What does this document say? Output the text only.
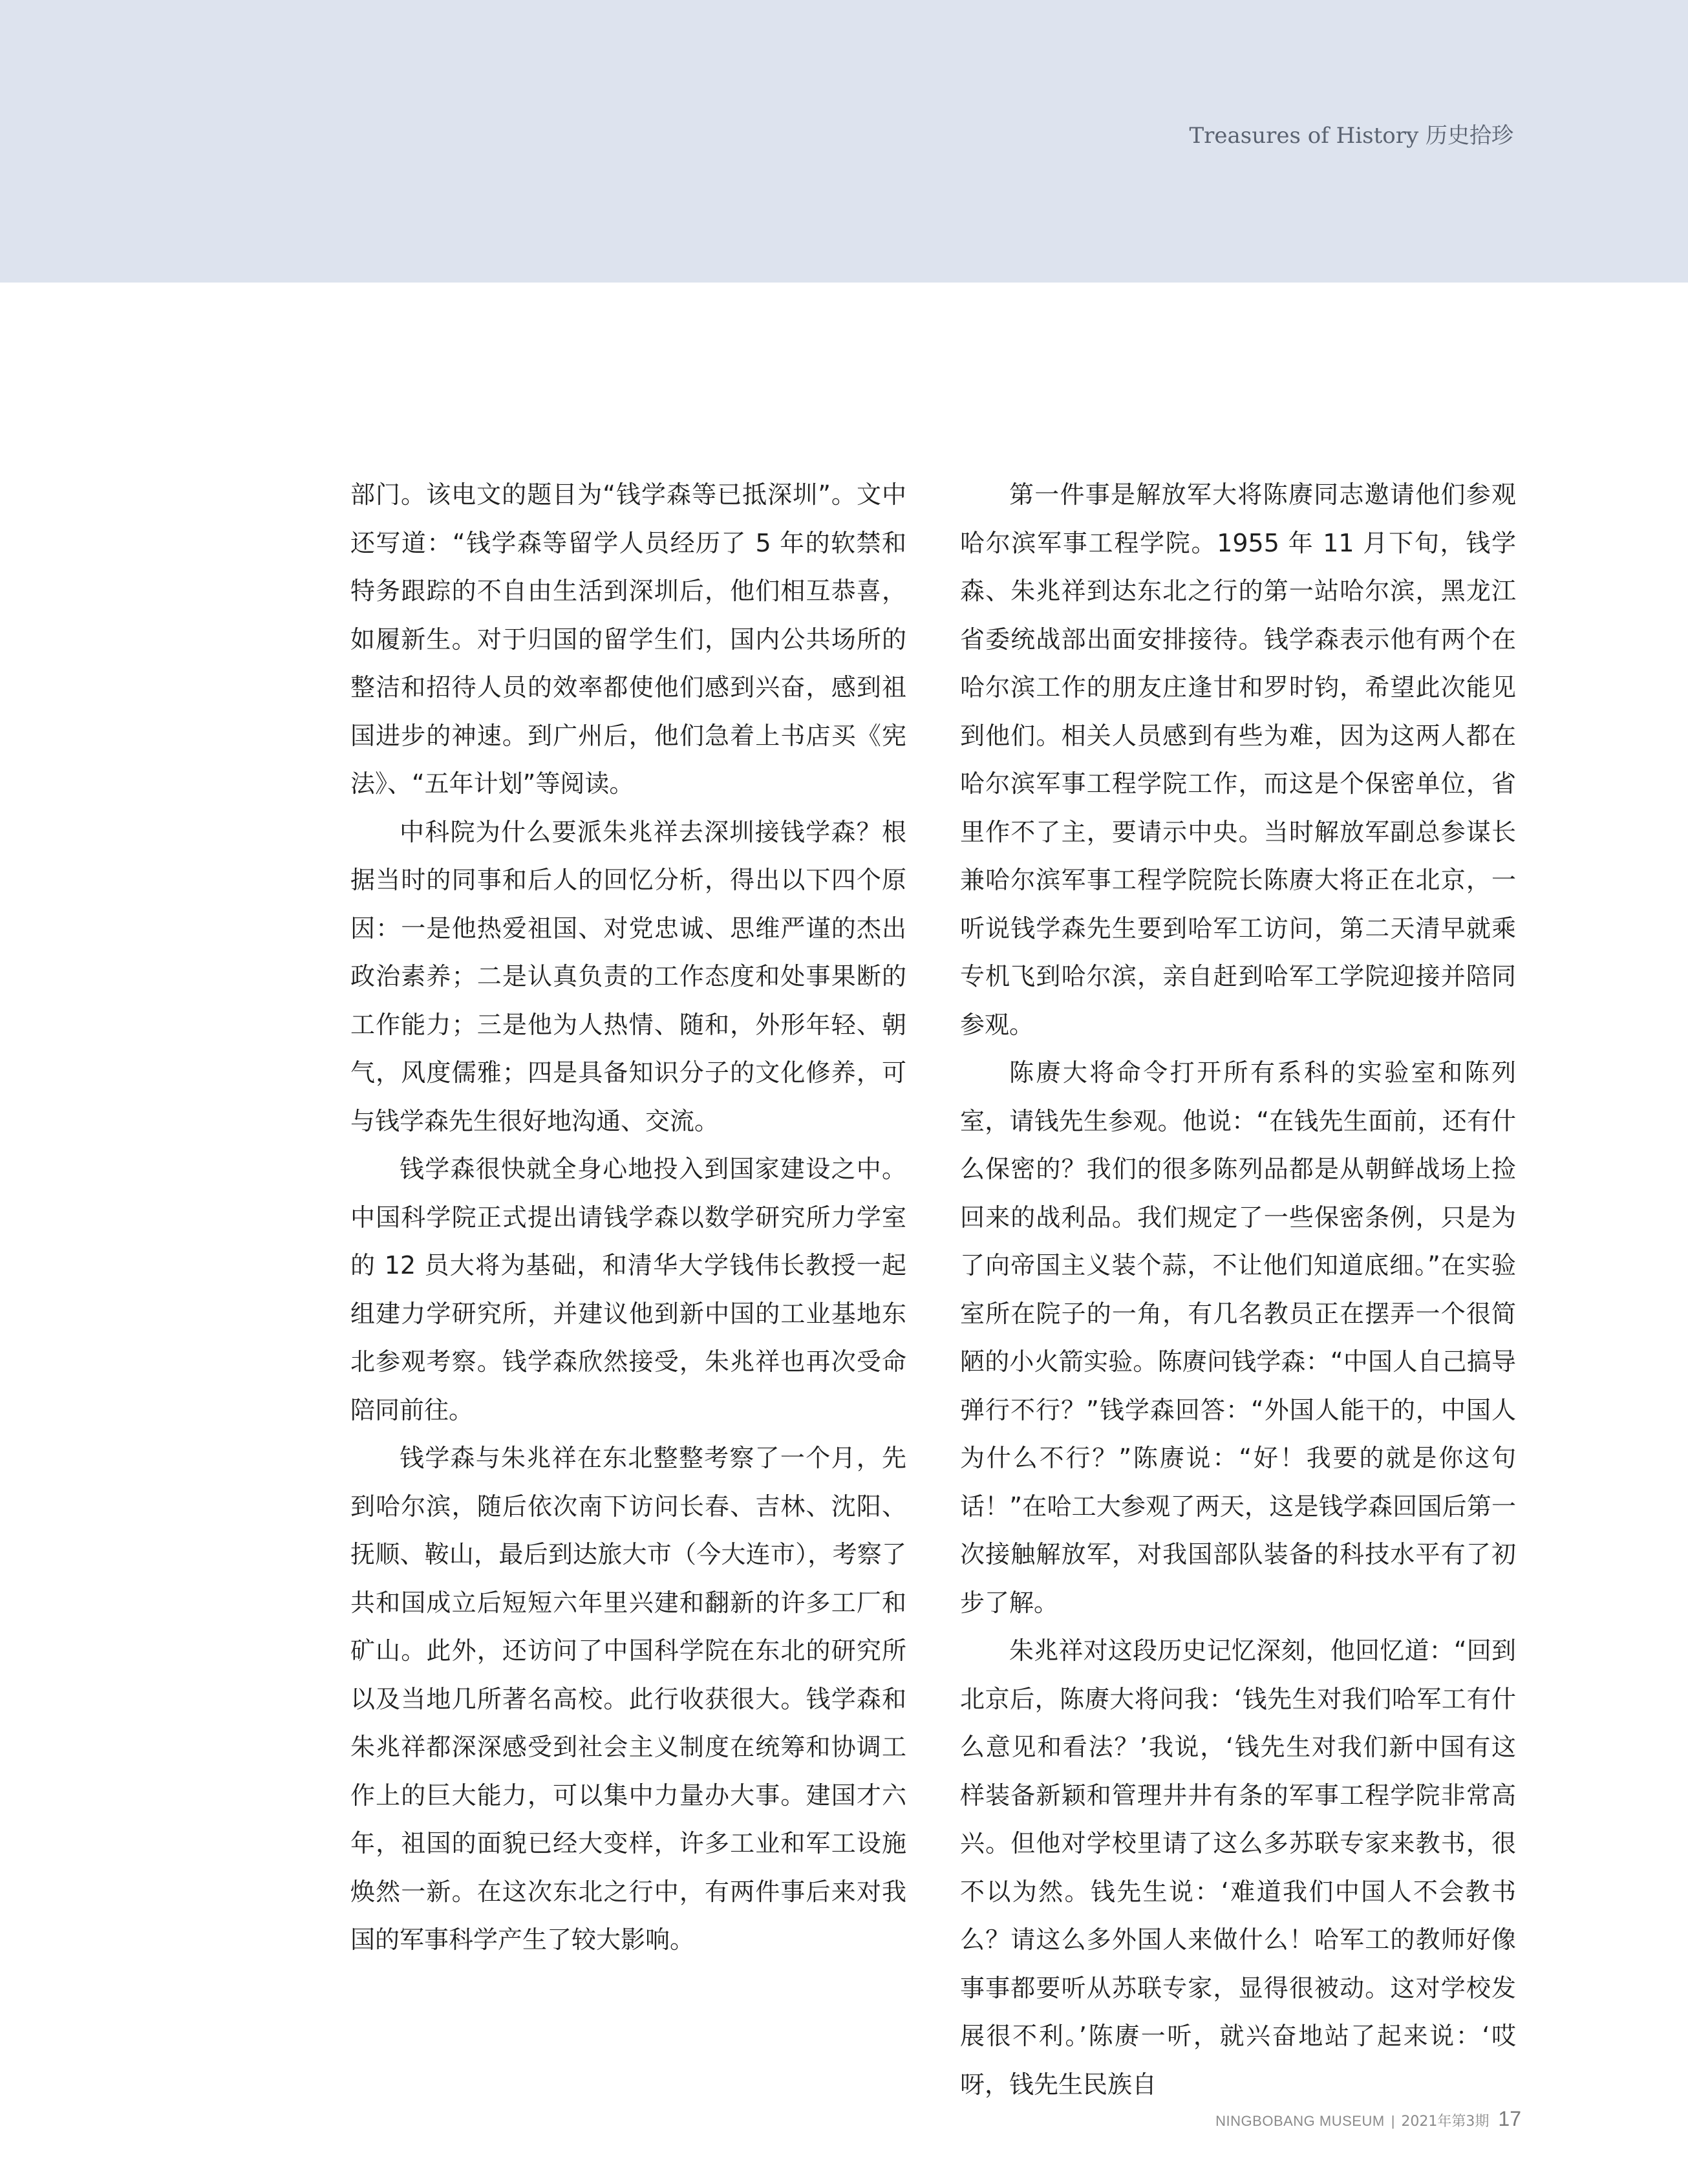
Treasures of History 历史拾珍

部门。该电文的题目为“钱学森等已抵深圳”。文中还写道：“钱学森等留学人员经历了 5 年的软禁和特务跟踪的不自由生活到深圳后，他们相互恭喜，如履新生。对于归国的留学生们，国内公共场所的整洁和招待人员的效率都使他们感到兴奋，感到祖国进步的神速。到广州后，他们急着上书店买《宪法》、“五年计划”等阅读。

中科院为什么要派朱兆祥去深圳接钱学森？根据当时的同事和后人的回忆分析，得出以下四个原因：一是他热爱祖国、对党忠诚、思维严谨的杰出政治素养；二是认真负责的工作态度和处事果断的工作能力；三是他为人热情、随和，外形年轻、朝气，风度儒雅；四是具备知识分子的文化修养，可与钱学森先生很好地沟通、交流。

钱学森很快就全身心地投入到国家建设之中。中国科学院正式提出请钱学森以数学研究所力学室的 12 员大将为基础，和清华大学钱伟长教授一起组建力学研究所，并建议他到新中国的工业基地东北参观考察。钱学森欣然接受，朱兆祥也再次受命陪同前往。

钱学森与朱兆祥在东北整整考察了一个月，先到哈尔滨，随后依次南下访问长春、吉林、沈阳、抚顺、鞍山，最后到达旅大市（今大连市），考察了共和国成立后短短六年里兴建和翻新的许多工厂和矿山。此外，还访问了中国科学院在东北的研究所以及当地几所著名高校。此行收获很大。钱学森和朱兆祥都深深感受到社会主义制度在统筹和协调工作上的巨大能力，可以集中力量办大事。建国才六年，祖国的面貌已经大变样，许多工业和军工设施焕然一新。在这次东北之行中，有两件事后来对我国的军事科学产生了较大影响。

第一件事是解放军大将陈赓同志邀请他们参观哈尔滨军事工程学院。1955 年 11 月下旬，钱学森、朱兆祥到达东北之行的第一站哈尔滨，黑龙江省委统战部出面安排接待。钱学森表示他有两个在哈尔滨工作的朋友庄逢甘和罗时钧，希望此次能见到他们。相关人员感到有些为难，因为这两人都在哈尔滨军事工程学院工作，而这是个保密单位，省里作不了主，要请示中央。当时解放军副总参谋长兼哈尔滨军事工程学院院长陈赓大将正在北京，一听说钱学森先生要到哈军工访问，第二天清早就乘专机飞到哈尔滨，亲自赶到哈军工学院迎接并陪同参观。

陈赓大将命令打开所有系科的实验室和陈列室，请钱先生参观。他说：“在钱先生面前，还有什么保密的？我们的很多陈列品都是从朝鲜战场上捡回来的战利品。我们规定了一些保密条例，只是为了向帝国主义装个蒜，不让他们知道底细。”在实验室所在院子的一角，有几名教员正在摆弄一个很简陋的小火箭实验。陈赓问钱学森：“中国人自己搞导弹行不行？”钱学森回答：“外国人能干的，中国人为什么不行？”陈赓说：“好！我要的就是你这句话！”在哈工大参观了两天，这是钱学森回国后第一次接触解放军，对我国部队装备的科技水平有了初步了解。

朱兆祥对这段历史记忆深刻，他回忆道：“回到北京后，陈赓大将问我：‘钱先生对我们哈军工有什么意见和看法？’我说，‘钱先生对我们新中国有这样装备新颖和管理井井有条的军事工程学院非常高兴。但他对学校里请了这么多苏联专家来教书，很不以为然。钱先生说：‘难道我们中国人不会教书么？请这么多外国人来做什么！哈军工的教师好像事事都要听从苏联专家，显得很被动。这对学校发展很不利。’陈赓一听，就兴奋地站了起来说：‘哎呀，钱先生民族自

NINGBOBANG MUSEUM | 2021年第3期 17
